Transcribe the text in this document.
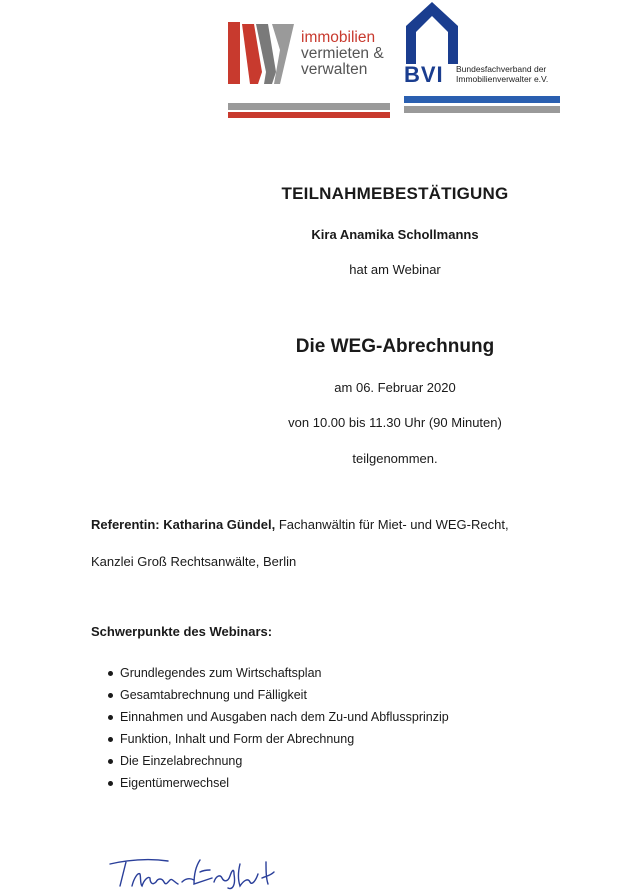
immobilien
vermieten &
verwalten	BVI Bundesfachverband der
Immobilienverwalter e.V.
TEILNAHMEBESTÄTIGUNG
Kira Anamika Schollmanns
hat am Webinar
Die WEG-Abrechnung
am 06. Februar 2020
von 10.00 bis 11.30 Uhr (90 Minuten)
teilgenommen.
Referentin: Katharina Gündel, Fachanwältin für Miet- und WEG-Recht,
Kanzlei Groß Rechtsanwälte, Berlin
Schwerpunkte des Webinars:
Grundlegendes zum Wirtschaftsplan
Gesamtabrechnung und Fälligkeit
Einnahmen und Ausgaben nach dem Zu-und Abflussprinzip
Funktion, Inhalt und Form der Abrechnung
Die Einzelabrechnung
Eigentümerwechsel
